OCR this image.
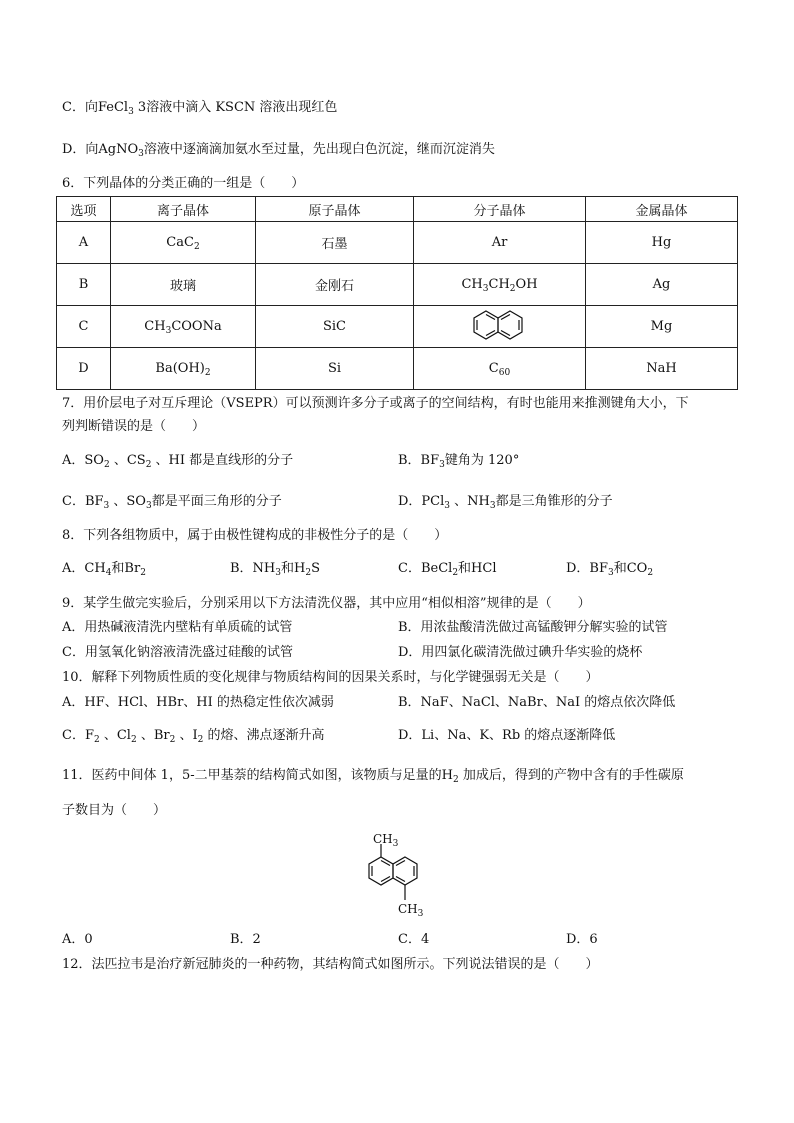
C．向FeCl$_3$ 3溶液中滴入 KSCN 溶液出现红色
D．向AgNO$_3$溶液中逐滴滴加氨水至过量，先出现白色沉淀，继而沉淀消失
6．下列晶体的分类正确的一组是（　　）
选项	离子晶体	原子晶体	分子晶体	金属晶体
A	CaC$_2$	石墨	Ar	Hg
B	玻璃	金刚石	$CH_3CH_2OH$	Ag
C	$CH_3COONa$	SiC		Mg
D	$Ba(OH)_2$	Si	$C_{60}$	NaH
7．用价层电子对互斥理论（VSEPR）可以预测许多分子或离子的空间结构，有时也能用来推测键角大小，下
列判断错误的是（　　）
A．$SO_2$ 、$CS_2$ 、HI 都是直线形的分子	B．$BF_3$键角为 120°
C．$BF_3$ 、$SO_3$都是平面三角形的分子	D．PCl$_3$ 、$NH_3$都是三角锥形的分子
8．下列各组物质中，属于由极性键构成的非极性分子的是（　　）
A．$CH_4$和$Br_2$	B．$NH_3$和$H_2S$	C．BeCl$_2$和HCl	D．$BF_3$和$CO_2$
9．某学生做完实验后，分别采用以下方法清洗仪器，其中应用“相似相溶”规律的是（　　）
A．用热碱液清洗内壁粘有单质硫的试管	B．用浓盐酸清洗做过高锰酸钾分解实验的试管
C．用氢氧化钠溶液清洗盛过硅酸的试管	D．用四氯化碳清洗做过碘升华实验的烧杯
10．解释下列物质性质的变化规律与物质结构间的因果关系时，与化学键强弱无关是（　　）
A．HF、HCl、HBr、HI 的热稳定性依次减弱	B．NaF、NaCl、NaBr、NaI 的熔点依次降低
C．$F_2$ 、$Cl_2$ 、$Br_2$ 、$I_2$ 的熔、沸点逐渐升高	D．Li、Na、K、Rb 的熔点逐渐降低
11．医药中间体 1，5-二甲基萘的结构简式如图，该物质与足量的$H_2$ 加成后，得到的产物中含有的手性碳原
子数目为（　　）
$CH_3$
$CH_3$
A．0	B．2	C．4	D．6
12．法匹拉韦是治疗新冠肺炎的一种药物，其结构简式如图所示。下列说法错误的是（　　）
